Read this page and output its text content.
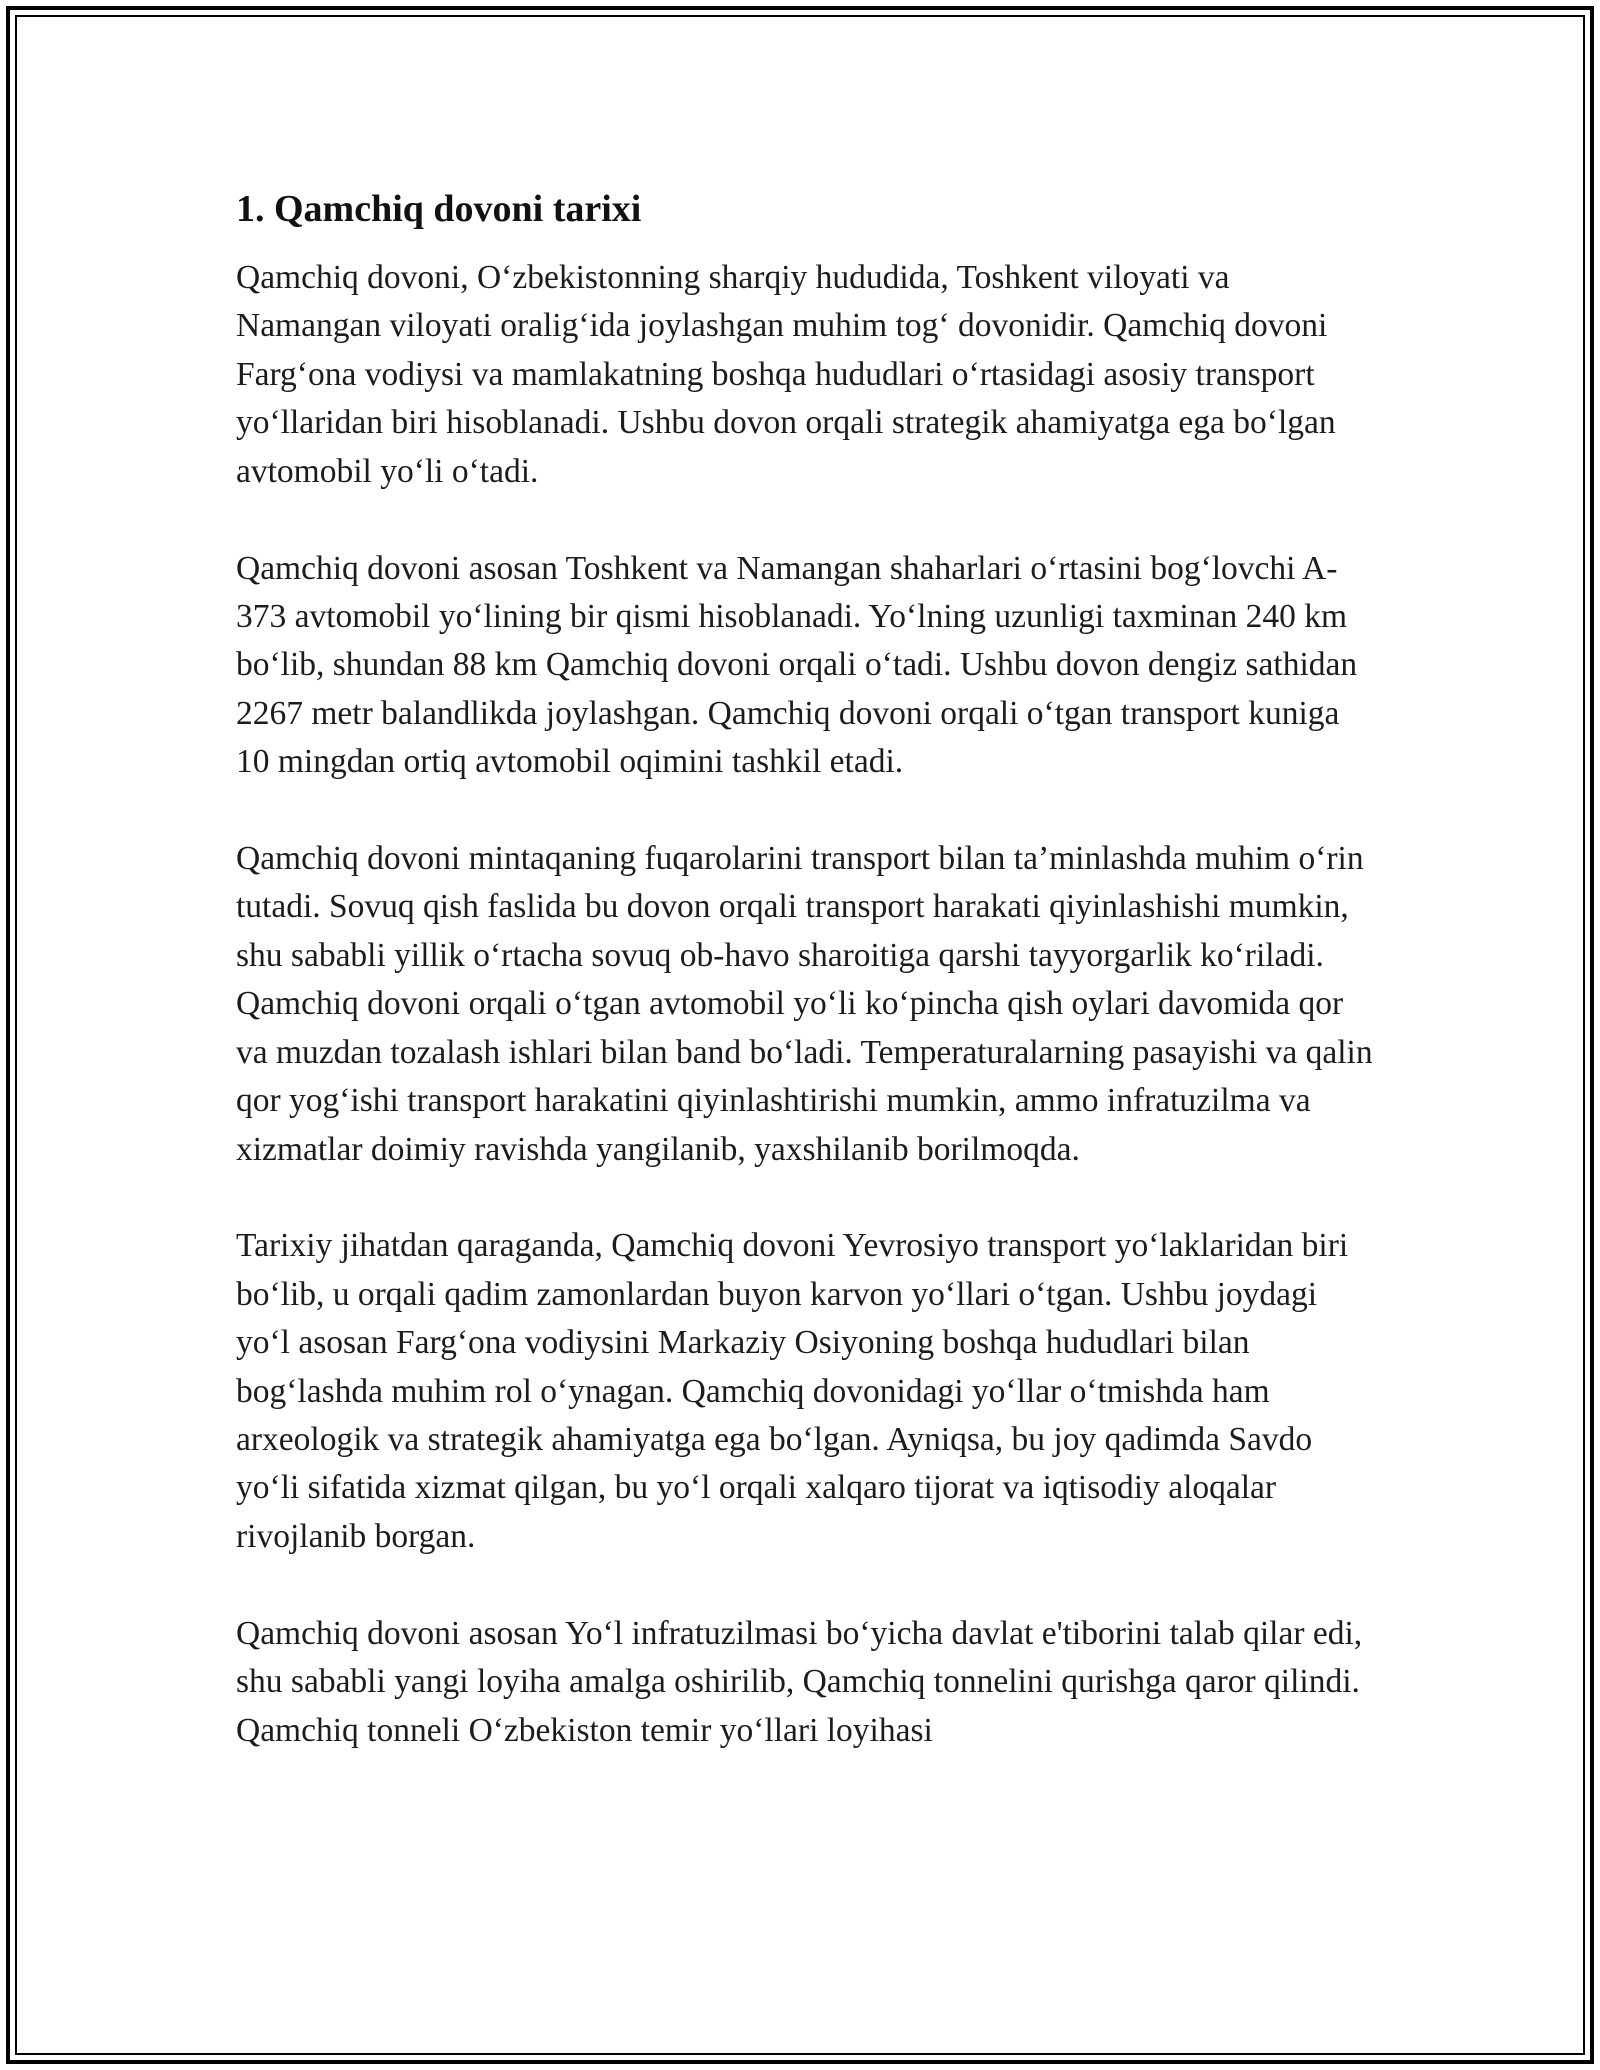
1. Qamchiq dovoni tarixi

Qamchiq dovoni, O‘zbekistonning sharqiy hududida, Toshkent viloyati va Namangan viloyati oralig‘ida joylashgan muhim tog‘ dovonidir. Qamchiq dovoni Farg‘ona vodiysi va mamlakatning boshqa hududlari o‘rtasidagi asosiy transport yo‘llaridan biri hisoblanadi. Ushbu dovon orqali strategik ahamiyatga ega bo‘lgan avtomobil yo‘li o‘tadi.

Qamchiq dovoni asosan Toshkent va Namangan shaharlari o‘rtasini bog‘lovchi A-373 avtomobil yo‘lining bir qismi hisoblanadi. Yo‘lning uzunligi taxminan 240 km bo‘lib, shundan 88 km Qamchiq dovoni orqali o‘tadi. Ushbu dovon dengiz sathidan 2267 metr balandlikda joylashgan. Qamchiq dovoni orqali o‘tgan transport kuniga 10 mingdan ortiq avtomobil oqimini tashkil etadi.

Qamchiq dovoni mintaqaning fuqarolarini transport bilan ta’minlashda muhim o‘rin tutadi. Sovuq qish faslida bu dovon orqali transport harakati qiyinlashishi mumkin, shu sababli yillik o‘rtacha sovuq ob-havo sharoitiga qarshi tayyorgarlik ko‘riladi. Qamchiq dovoni orqali o‘tgan avtomobil yo‘li ko‘pincha qish oylari davomida qor va muzdan tozalash ishlari bilan band bo‘ladi. Temperaturalarning pasayishi va qalin qor yog‘ishi transport harakatini qiyinlashtirishi mumkin, ammo infratuzilma va xizmatlar doimiy ravishda yangilanib, yaxshilanib borilmoqda.

Tarixiy jihatdan qaraganda, Qamchiq dovoni Yevrosiyo transport yo‘laklaridan biri bo‘lib, u orqali qadim zamonlardan buyon karvon yo‘llari o‘tgan. Ushbu joydagi yo‘l asosan Farg‘ona vodiysini Markaziy Osiyoning boshqa hududlari bilan bog‘lashda muhim rol o‘ynagan. Qamchiq dovonidagi yo‘llar o‘tmishda ham arxeologik va strategik ahamiyatga ega bo‘lgan. Ayniqsa, bu joy qadimda Savdo yo‘li sifatida xizmat qilgan, bu yo‘l orqali xalqaro tijorat va iqtisodiy aloqalar rivojlanib borgan.

Qamchiq dovoni asosan Yo‘l infratuzilmasi bo‘yicha davlat e'tiborini talab qilar edi, shu sababli yangi loyiha amalga oshirilib, Qamchiq tonnelini qurishga qaror qilindi. Qamchiq tonneli O‘zbekiston temir yo‘llari loyihasi
